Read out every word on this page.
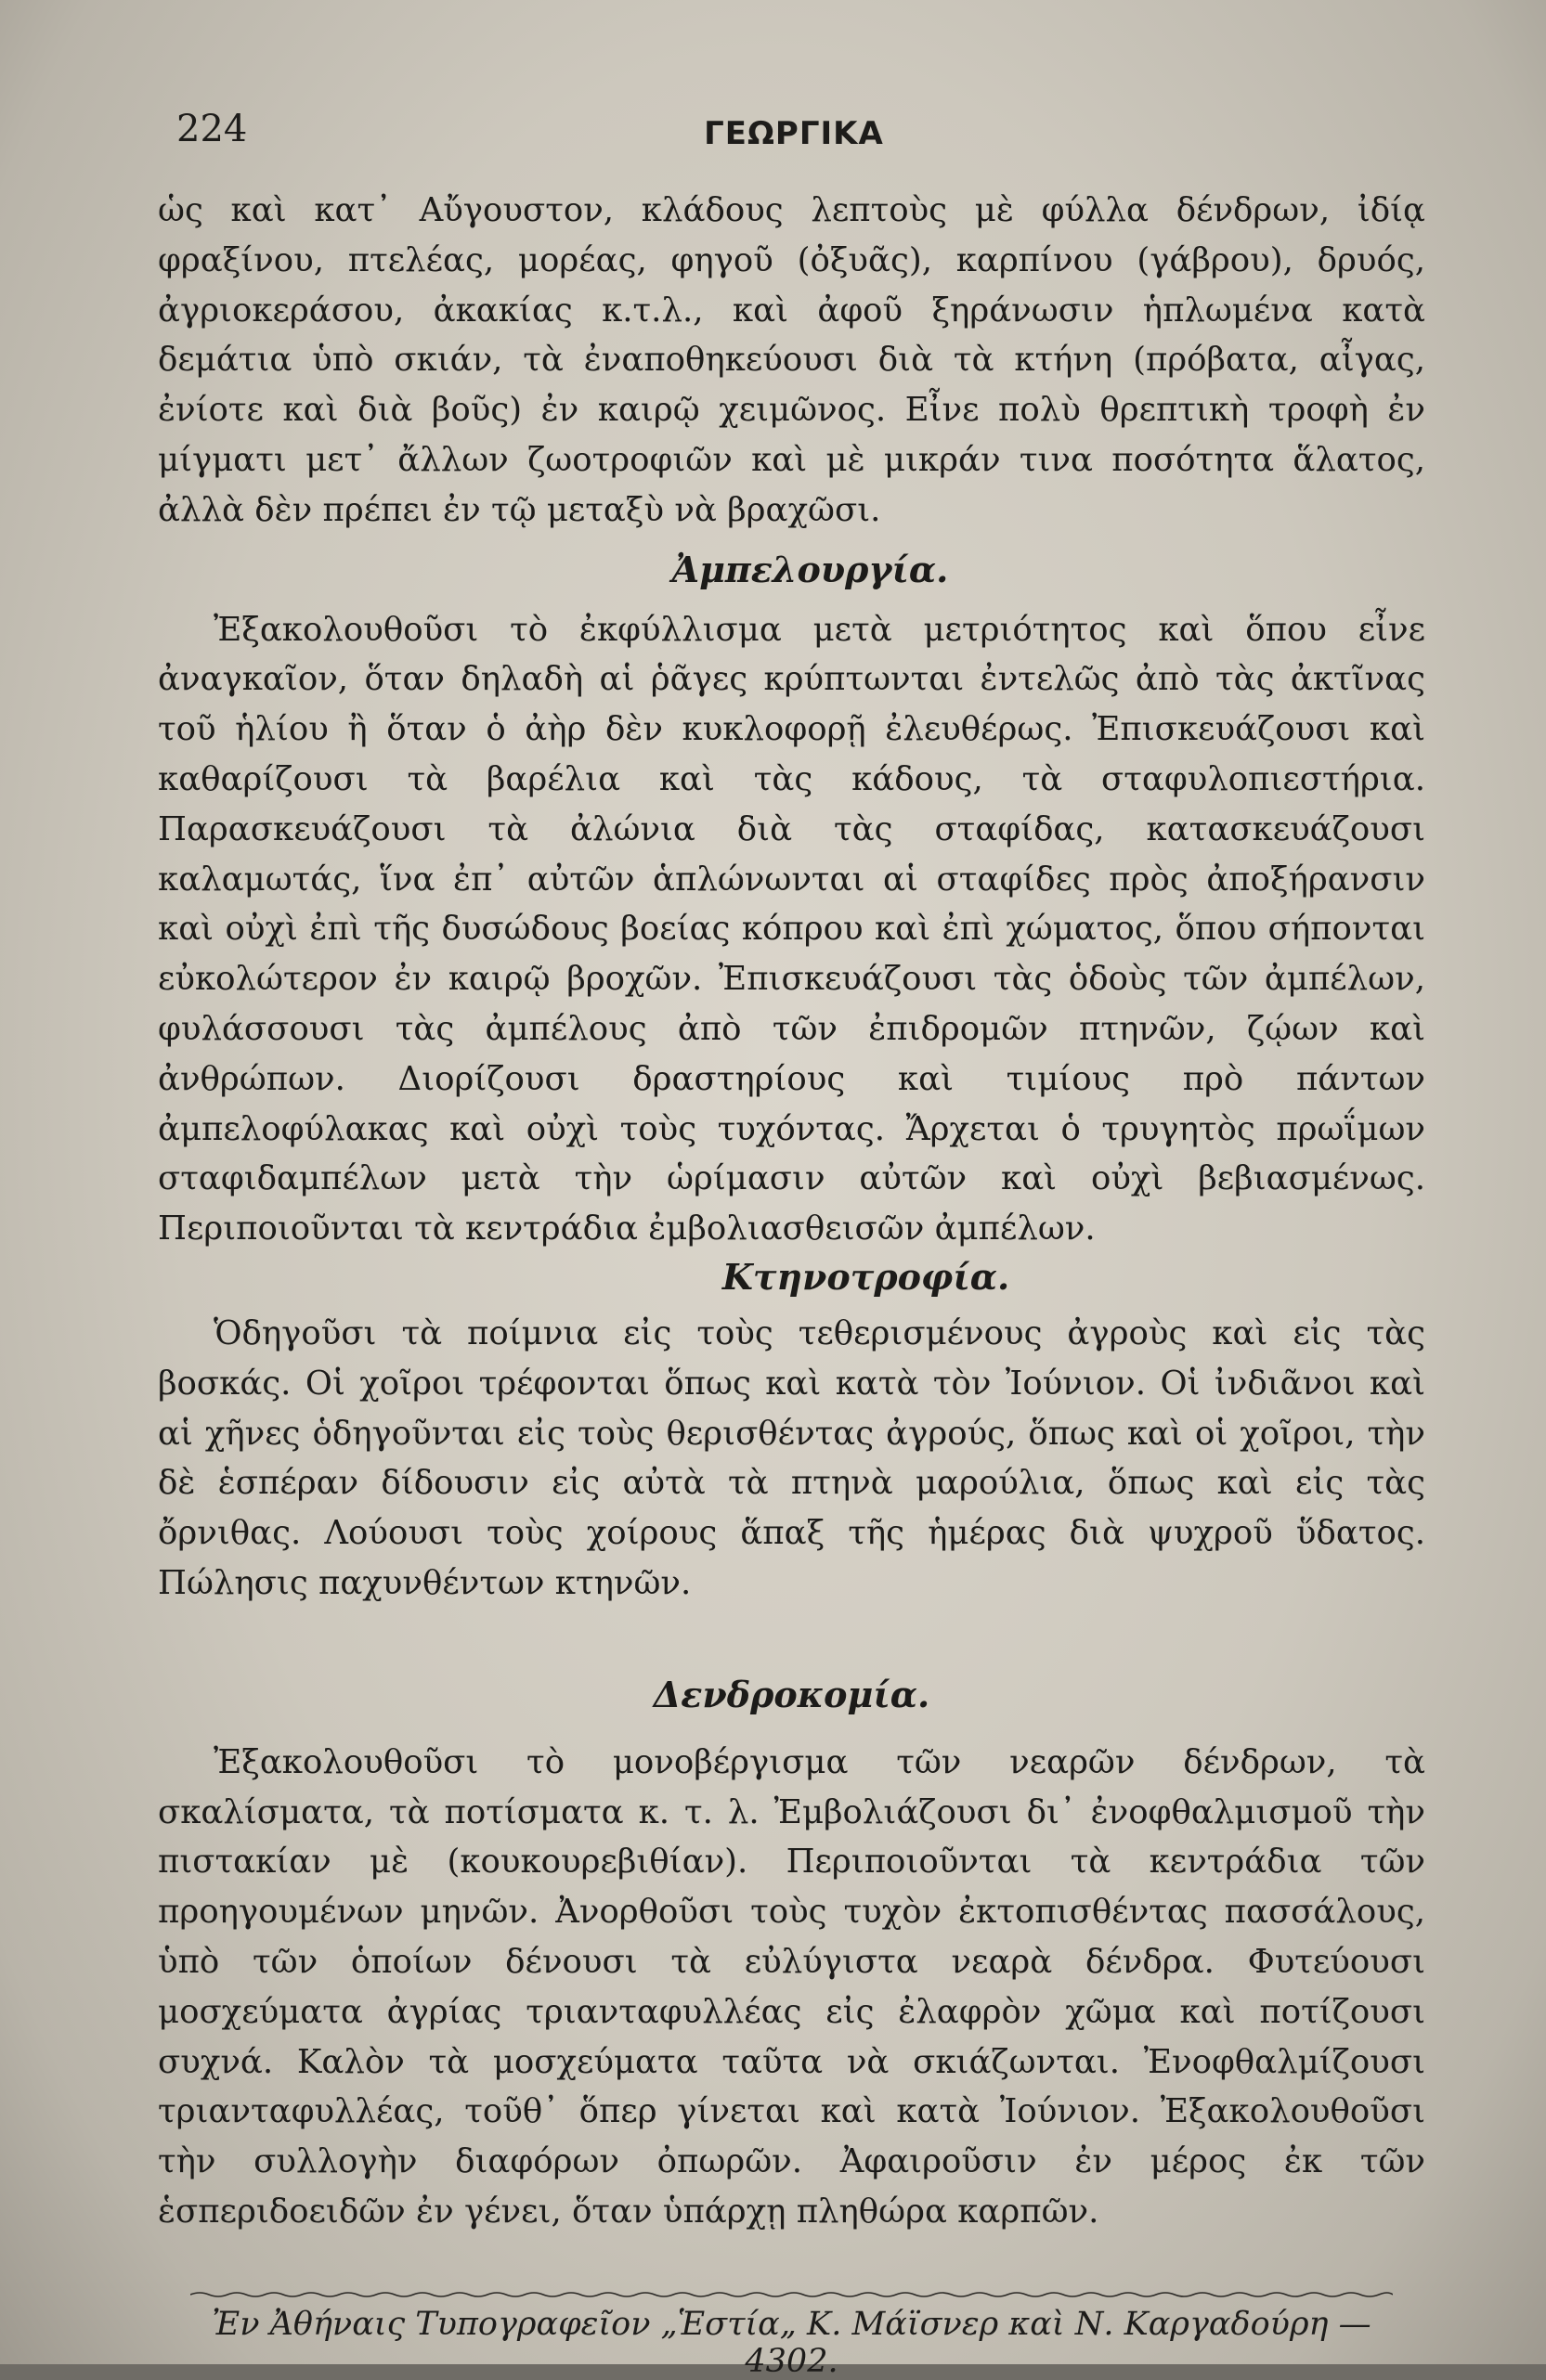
224	ΓΕΩΡΓΙΚΑ

ὡς καὶ κατ᾽ Αὔγουστον, κλάδους λεπτοὺς μὲ φύλλα δένδρων, ἰδίᾳ φραξίνου, πτελέας, μορέας, φηγοῦ (ὀξυᾶς), καρπίνου (γάβρου), δρυός, ἀγριοκεράσου, ἀκακίας κ.τ.λ., καὶ ἀφοῦ ξηράνωσιν ἡπλωμένα κατὰ δεμάτια ὑπὸ σκιάν, τὰ ἐναποθηκεύουσι διὰ τὰ κτήνη (πρόβατα, αἶγας, ἐνίοτε καὶ διὰ βοῦς) ἐν καιρῷ χειμῶνος. Εἶνε πολὺ θρεπτικὴ τροφὴ ἐν μίγματι μετ᾽ ἄλλων ζωοτροφιῶν καὶ μὲ μικράν τινα ποσότητα ἅλατος, ἀλλὰ δὲν πρέπει ἐν τῷ μεταξὺ νὰ βραχῶσι.

Ἀμπελουργία.

Ἐξακολουθοῦσι τὸ ἐκφύλλισμα μετὰ μετριότητος καὶ ὅπου εἶνε ἀναγκαῖον, ὅταν δηλαδὴ αἱ ῥᾶγες κρύπτωνται ἐντελῶς ἀπὸ τὰς ἀκτῖνας τοῦ ἡλίου ἢ ὅταν ὁ ἀὴρ δὲν κυκλοφορῇ ἐλευθέρως. Ἐπισκευάζουσι καὶ καθαρίζουσι τὰ βαρέλια καὶ τὰς κάδους, τὰ σταφυλοπιεστήρια. Παρασκευάζουσι τὰ ἀλώνια διὰ τὰς σταφίδας, κατασκευάζουσι καλαμωτάς, ἵνα ἐπ᾽ αὐτῶν ἁπλώνωνται αἱ σταφίδες πρὸς ἀποξήρανσιν καὶ οὐχὶ ἐπὶ τῆς δυσώδους βοείας κόπρου καὶ ἐπὶ χώματος, ὅπου σήπονται εὐκολώτερον ἐν καιρῷ βροχῶν. Ἐπισκευάζουσι τὰς ὁδοὺς τῶν ἀμπέλων, φυλάσσουσι τὰς ἀμπέλους ἀπὸ τῶν ἐπιδρομῶν πτηνῶν, ζῴων καὶ ἀνθρώπων. Διορίζουσι δραστηρίους καὶ τιμίους πρὸ πάντων ἀμπελοφύλακας καὶ οὐχὶ τοὺς τυχόντας. Ἄρχεται ὁ τρυγητὸς πρωΐμων σταφιδαμπέλων μετὰ τὴν ὡρίμασιν αὐτῶν καὶ οὐχὶ βεβιασμένως. Περιποιοῦνται τὰ κεντράδια ἐμβολιασθεισῶν ἀμπέλων.

Κτηνοτροφία.

Ὁδηγοῦσι τὰ ποίμνια εἰς τοὺς τεθερισμένους ἀγροὺς καὶ εἰς τὰς βοσκάς. Οἱ χοῖροι τρέφονται ὅπως καὶ κατὰ τὸν Ἰούνιον. Οἱ ἰνδιᾶνοι καὶ αἱ χῆνες ὁδηγοῦνται εἰς τοὺς θερισθέντας ἀγρούς, ὅπως καὶ οἱ χοῖροι, τὴν δὲ ἑσπέραν δίδουσιν εἰς αὐτὰ τὰ πτηνὰ μαρούλια, ὅπως καὶ εἰς τὰς ὄρνιθας. Λούουσι τοὺς χοίρους ἅπαξ τῆς ἡμέρας διὰ ψυχροῦ ὕδατος. Πώλησις παχυνθέντων κτηνῶν.

Δενδροκομία.

Ἐξακολουθοῦσι τὸ μονοβέργισμα τῶν νεαρῶν δένδρων, τὰ σκαλίσματα, τὰ ποτίσματα κ. τ. λ. Ἐμβολιάζουσι δι᾽ ἐνοφθαλμισμοῦ τὴν πιστακίαν μὲ (κουκουρεβιθίαν). Περιποιοῦνται τὰ κεντράδια τῶν προηγουμένων μηνῶν. Ἀνορθοῦσι τοὺς τυχὸν ἐκτοπισθέντας πασσάλους, ὑπὸ τῶν ὁποίων δένουσι τὰ εὐλύγιστα νεαρὰ δένδρα. Φυτεύουσι μοσχεύματα ἀγρίας τριανταφυλλέας εἰς ἐλαφρὸν χῶμα καὶ ποτίζουσι συχνά. Καλὸν τὰ μοσχεύματα ταῦτα νὰ σκιάζωνται. Ἐνοφθαλμίζουσι τριανταφυλλέας, τοῦθ᾽ ὅπερ γίνεται καὶ κατὰ Ἰούνιον. Ἐξακολουθοῦσι τὴν συλλογὴν διαφόρων ὀπωρῶν. Ἀφαιροῦσιν ἐν μέρος ἐκ τῶν ἑσπεριδοειδῶν ἐν γένει, ὅταν ὑπάρχῃ πληθώρα καρπῶν.

Ἐν Ἀθήναις Τυπογραφεῖον „Ἑστία„ Κ. Μάϊσνερ καὶ Ν. Καργαδούρη — 4302.
